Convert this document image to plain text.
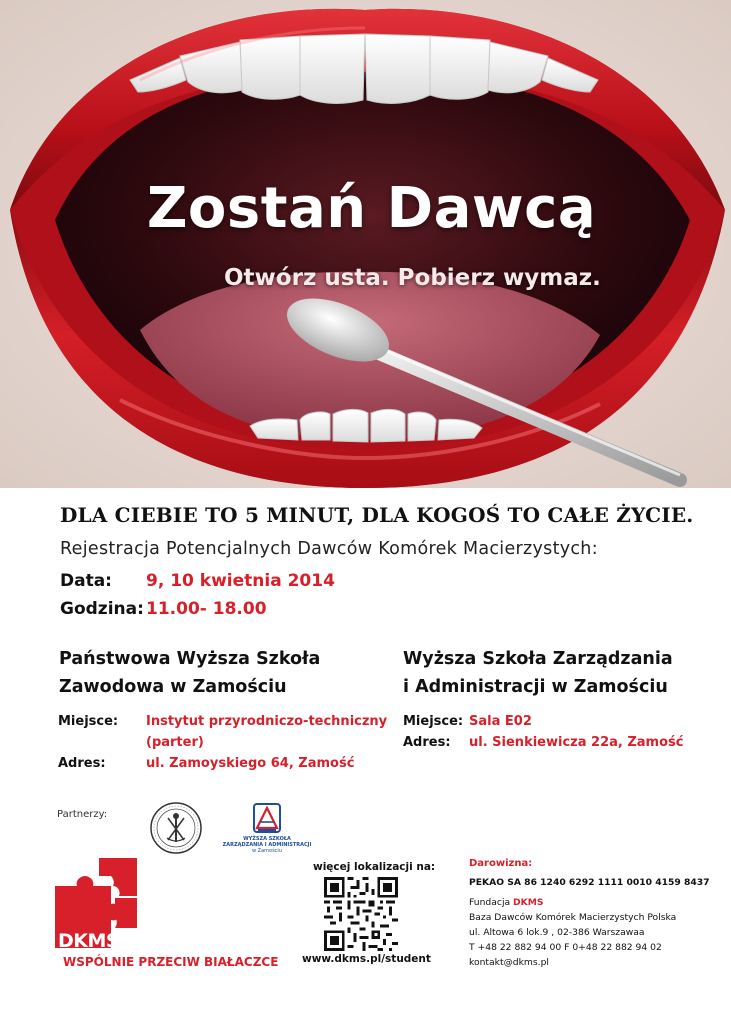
Zostań Dawcą
Otwórz usta. Pobierz wymaz.
DLA CIEBIE TO 5 MINUT, DLA KOGOŚ TO CAŁE ŻYCIE.
Rejestracja Potencjalnych Dawców Komórek Macierzystych:
Data: 9, 10 kwietnia 2014
Godzina: 11.00- 18.00
Państwowa Wyższa Szkoła
Zawodowa w Zamościu
Miejsce: Instytut przyrodniczo-techniczny
(parter)
Adres:	ul. Zamoyskiego 64, Zamość
Wyższa Szkoła Zarządzania
i Administracji w Zamościu
Miejsce: Sala E02
Adres: ul. Sienkiewicza 22a, Zamość
Partnerzy:
WYŻSZA SZKOŁA
ZARZĄDZANIA I ADMINISTRACJI
w Zamościu
DKMS
WSPÓLNIE PRZECIW BIAŁACZCE
więcej lokalizacji na:
www.dkms.pl/student
Darowizna:
PEKAO SA 86 1240 6292 1111 0010 4159 8437
Fundacja DKMS
Baza Dawców Komórek Macierzystych Polska
ul. Altowa 6 lok.9 , 02-386 Warszawaa
T +48 22 882 94 00 F 0+48 22 882 94 02
kontakt@dkms.pl
